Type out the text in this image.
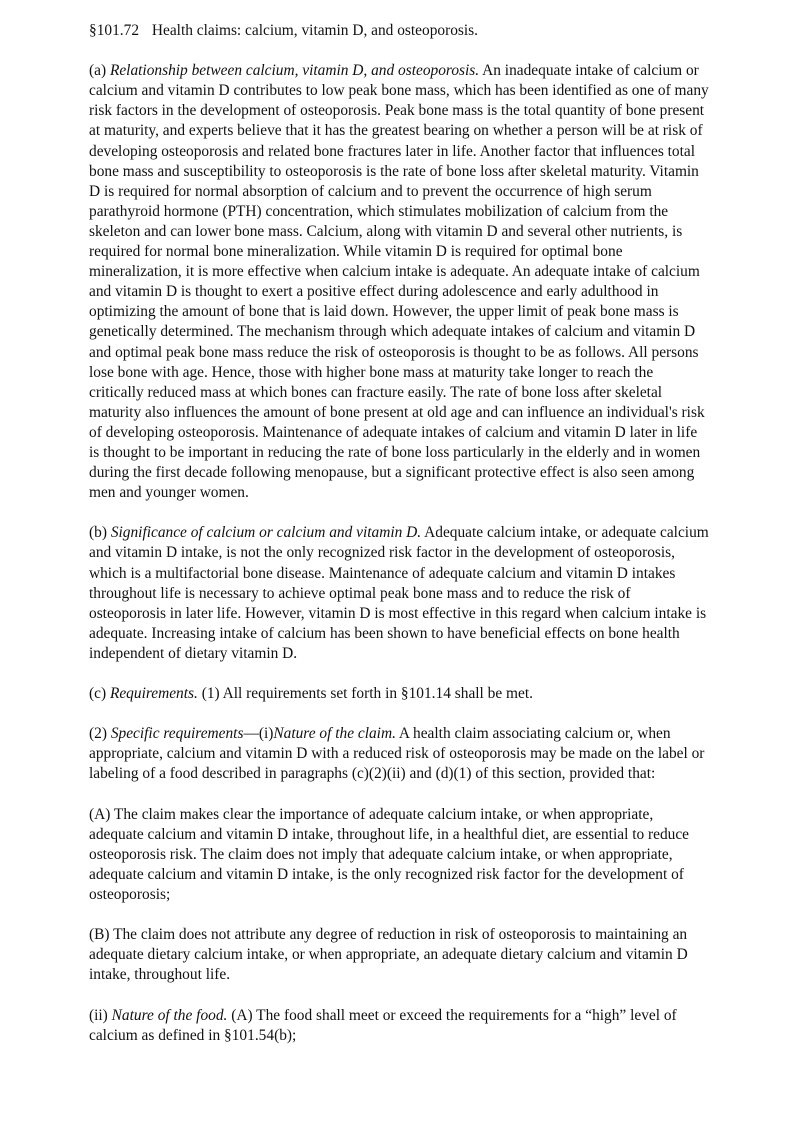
§101.72 Health claims: calcium, vitamin D, and osteoporosis.

(a) Relationship between calcium, vitamin D, and osteoporosis. An inadequate intake of calcium or calcium and vitamin D contributes to low peak bone mass, which has been identified as one of many risk factors in the development of osteoporosis. Peak bone mass is the total quantity of bone present at maturity, and experts believe that it has the greatest bearing on whether a person will be at risk of developing osteoporosis and related bone fractures later in life. Another factor that influences total bone mass and susceptibility to osteoporosis is the rate of bone loss after skeletal maturity. Vitamin D is required for normal absorption of calcium and to prevent the occurrence of high serum parathyroid hormone (PTH) concentration, which stimulates mobilization of calcium from the skeleton and can lower bone mass. Calcium, along with vitamin D and several other nutrients, is required for normal bone mineralization. While vitamin D is required for optimal bone mineralization, it is more effective when calcium intake is adequate. An adequate intake of calcium and vitamin D is thought to exert a positive effect during adolescence and early adulthood in optimizing the amount of bone that is laid down. However, the upper limit of peak bone mass is genetically determined. The mechanism through which adequate intakes of calcium and vitamin D and optimal peak bone mass reduce the risk of osteoporosis is thought to be as follows. All persons lose bone with age. Hence, those with higher bone mass at maturity take longer to reach the critically reduced mass at which bones can fracture easily. The rate of bone loss after skeletal maturity also influences the amount of bone present at old age and can influence an individual's risk of developing osteoporosis. Maintenance of adequate intakes of calcium and vitamin D later in life is thought to be important in reducing the rate of bone loss particularly in the elderly and in women during the first decade following menopause, but a significant protective effect is also seen among men and younger women.

(b) Significance of calcium or calcium and vitamin D. Adequate calcium intake, or adequate calcium and vitamin D intake, is not the only recognized risk factor in the development of osteoporosis, which is a multifactorial bone disease. Maintenance of adequate calcium and vitamin D intakes throughout life is necessary to achieve optimal peak bone mass and to reduce the risk of osteoporosis in later life. However, vitamin D is most effective in this regard when calcium intake is adequate. Increasing intake of calcium has been shown to have beneficial effects on bone health independent of dietary vitamin D.

(c) Requirements. (1) All requirements set forth in §101.14 shall be met.

(2) Specific requirements—(i)Nature of the claim. A health claim associating calcium or, when appropriate, calcium and vitamin D with a reduced risk of osteoporosis may be made on the label or labeling of a food described in paragraphs (c)(2)(ii) and (d)(1) of this section, provided that:

(A) The claim makes clear the importance of adequate calcium intake, or when appropriate, adequate calcium and vitamin D intake, throughout life, in a healthful diet, are essential to reduce osteoporosis risk. The claim does not imply that adequate calcium intake, or when appropriate, adequate calcium and vitamin D intake, is the only recognized risk factor for the development of osteoporosis;

(B) The claim does not attribute any degree of reduction in risk of osteoporosis to maintaining an adequate dietary calcium intake, or when appropriate, an adequate dietary calcium and vitamin D intake, throughout life.

(ii) Nature of the food. (A) The food shall meet or exceed the requirements for a “high” level of calcium as defined in §101.54(b);
